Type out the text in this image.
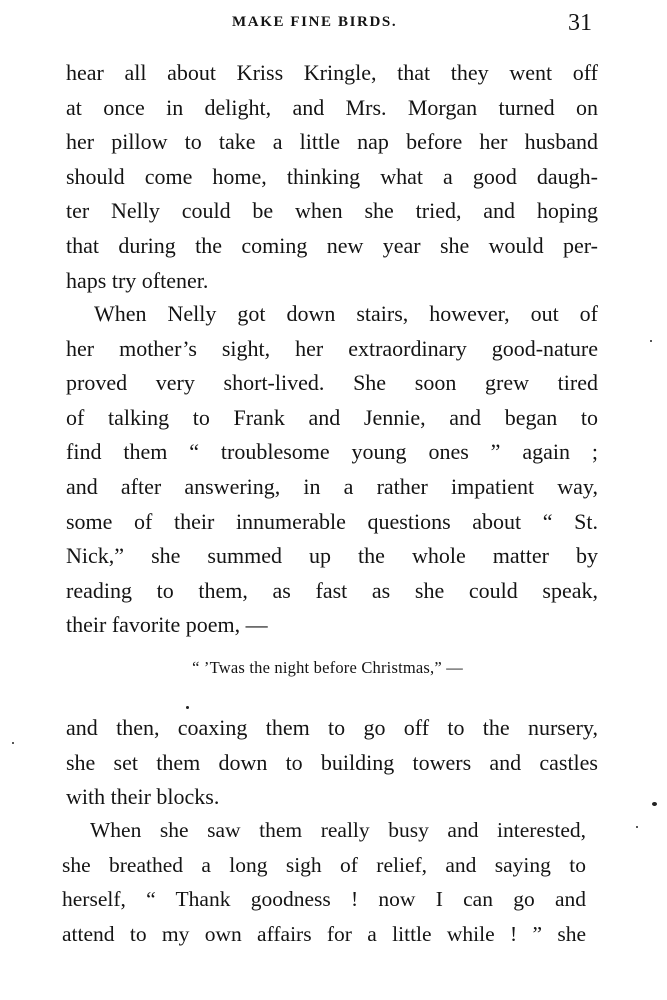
MAKE FINE BIRDS.	31
hear all about Kriss Kringle, that they went off
at once in delight, and Mrs. Morgan turned on
her pillow to take a little nap before her husband
should come home, thinking what a good daugh-
ter Nelly could be when she tried, and hoping
that during the coming new year she would per-
haps try oftener.
When Nelly got down stairs, however, out of
her mother’s sight, her extraordinary good-nature
proved very short-lived. She soon grew tired
of talking to Frank and Jennie, and began to
find them “ troublesome young ones ” again ;
and after answering, in a rather impatient way,
some of their innumerable questions about “ St.
Nick,” she summed up the whole matter by
reading to them, as fast as she could speak,
their favorite poem, —
“ ’Twas the night before Christmas,” —
and then, coaxing them to go off to the nursery,
she set them down to building towers and castles
with their blocks.
When she saw them really busy and interested,
she breathed a long sigh of relief, and saying to
herself, “ Thank goodness ! now I can go and
attend to my own affairs for a little while ! ” she
